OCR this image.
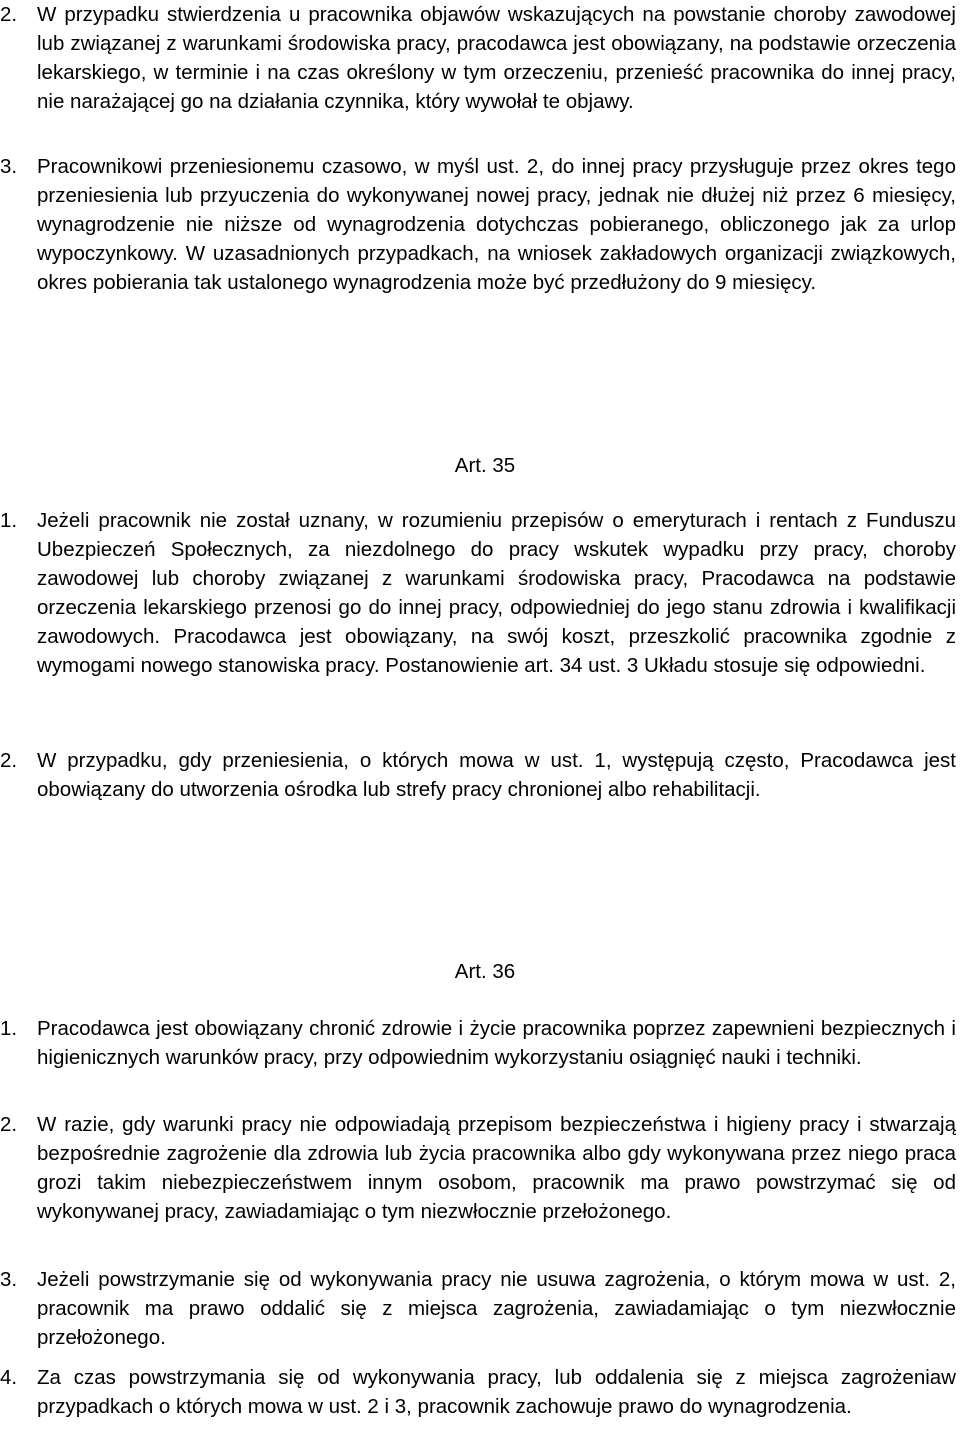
2. W przypadku stwierdzenia u pracownika objawów wskazujących na powstanie choroby zawodowej lub związanej z warunkami środowiska pracy, pracodawca jest obowiązany, na podstawie orzeczenia lekarskiego, w terminie i na czas określony w tym orzeczeniu, przenieść pracownika do innej pracy, nie narażającej go na działania czynnika, który wywołał te objawy.
3. Pracownikowi przeniesionemu czasowo, w myśl ust. 2, do innej pracy przysługuje przez okres tego przeniesienia lub przyuczenia do wykonywanej nowej pracy, jednak nie dłużej niż przez 6 miesięcy, wynagrodzenie nie niższe od wynagrodzenia dotychczas pobieranego, obliczonego jak za urlop wypoczynkowy. W uzasadnionych przypadkach, na wniosek zakładowych organizacji związkowych, okres pobierania tak ustalonego wynagrodzenia może być przedłużony do 9 miesięcy.
Art. 35
1. Jeżeli pracownik nie został uznany, w rozumieniu przepisów o emeryturach i rentach z Funduszu Ubezpieczeń Społecznych, za niezdolnego do pracy wskutek wypadku przy pracy, choroby zawodowej lub choroby związanej z warunkami środowiska pracy, Pracodawca na podstawie orzeczenia lekarskiego przenosi go do innej pracy, odpowiedniej do jego stanu zdrowia i kwalifikacji zawodowych. Pracodawca jest obowiązany, na swój koszt, przeszkolić pracownika zgodnie z wymogami nowego stanowiska pracy. Postanowienie art. 34 ust. 3 Układu stosuje się odpowiedni.
2. W przypadku, gdy przeniesienia, o których mowa w ust. 1, występują często, Pracodawca jest obowiązany do utworzenia ośrodka lub strefy pracy chronionej albo rehabilitacji.
Art. 36
1. Pracodawca jest obowiązany chronić zdrowie i życie pracownika poprzez zapewnieni bezpiecznych i higienicznych warunków pracy, przy odpowiednim wykorzystaniu osiągnięć nauki i techniki.
2. W razie, gdy warunki pracy nie odpowiadają przepisom bezpieczeństwa i higieny pracy i stwarzają bezpośrednie zagrożenie dla zdrowia lub życia pracownika albo gdy wykonywana przez niego praca grozi takim niebezpieczeństwem innym osobom, pracownik ma prawo powstrzymać się od wykonywanej pracy, zawiadamiając o tym niezwłocznie przełożonego.
3. Jeżeli powstrzymanie się od wykonywania pracy nie usuwa zagrożenia, o którym mowa w ust. 2, pracownik ma prawo oddalić się z miejsca zagrożenia, zawiadamiając o tym niezwłocznie przełożonego.
4. Za czas powstrzymania się od wykonywania pracy, lub oddalenia się z miejsca zagrożeniaw przypadkach o których mowa w ust. 2 i 3, pracownik zachowuje prawo do wynagrodzenia.
